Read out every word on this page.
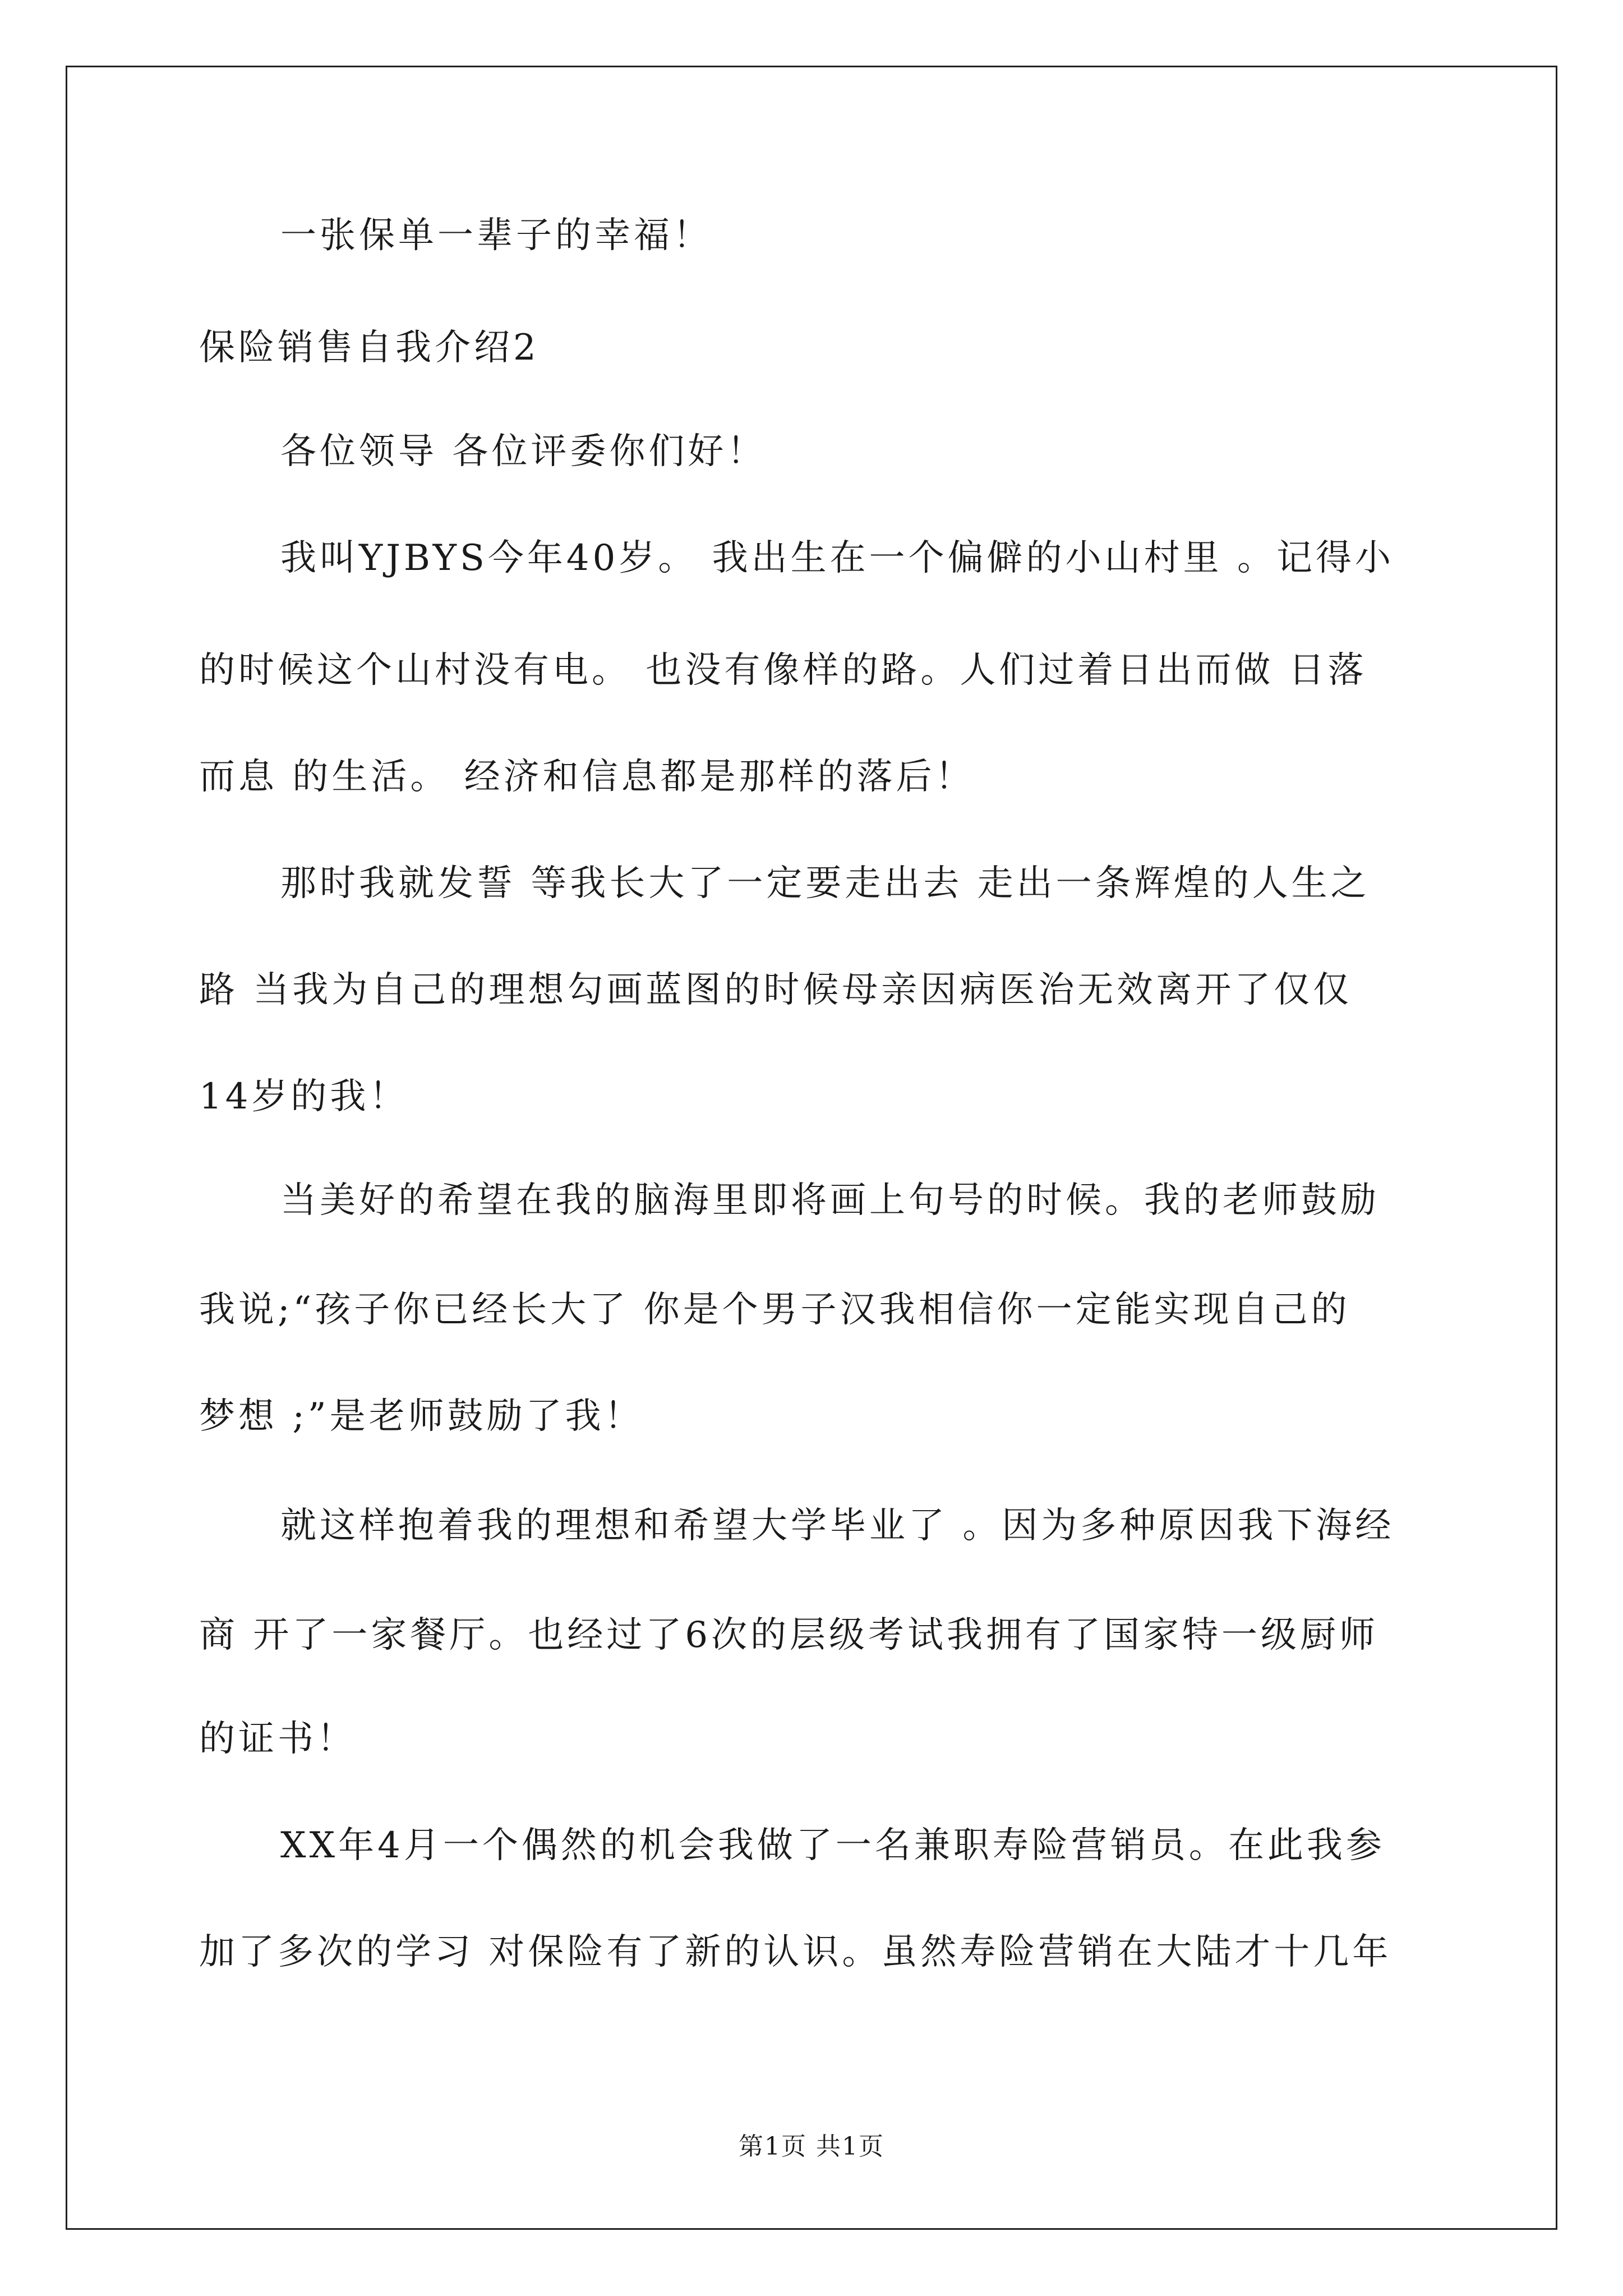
一张保单一辈子的幸福！
保险销售自我介绍2
各位领导 各位评委你们好！
我叫YJBYS今年40岁。 我出生在一个偏僻的小山村里 。记得小
的时候这个山村没有电。 也没有像样的路。人们过着日出而做 日落
而息 的生活。 经济和信息都是那样的落后！
那时我就发誓 等我长大了一定要走出去 走出一条辉煌的人生之
路 当我为自己的理想勾画蓝图的时候母亲因病医治无效离开了仅仅
14岁的我！
当美好的希望在我的脑海里即将画上句号的时候。我的老师鼓励
我说;“孩子你已经长大了 你是个男子汉我相信你一定能实现自己的
梦想 ;”是老师鼓励了我！
就这样抱着我的理想和希望大学毕业了 。因为多种原因我下海经
商 开了一家餐厅。也经过了6次的层级考试我拥有了国家特一级厨师
的证书！
XX年4月一个偶然的机会我做了一名兼职寿险营销员。在此我参
加了多次的学习 对保险有了新的认识。虽然寿险营销在大陆才十几年
第1页 共1页
